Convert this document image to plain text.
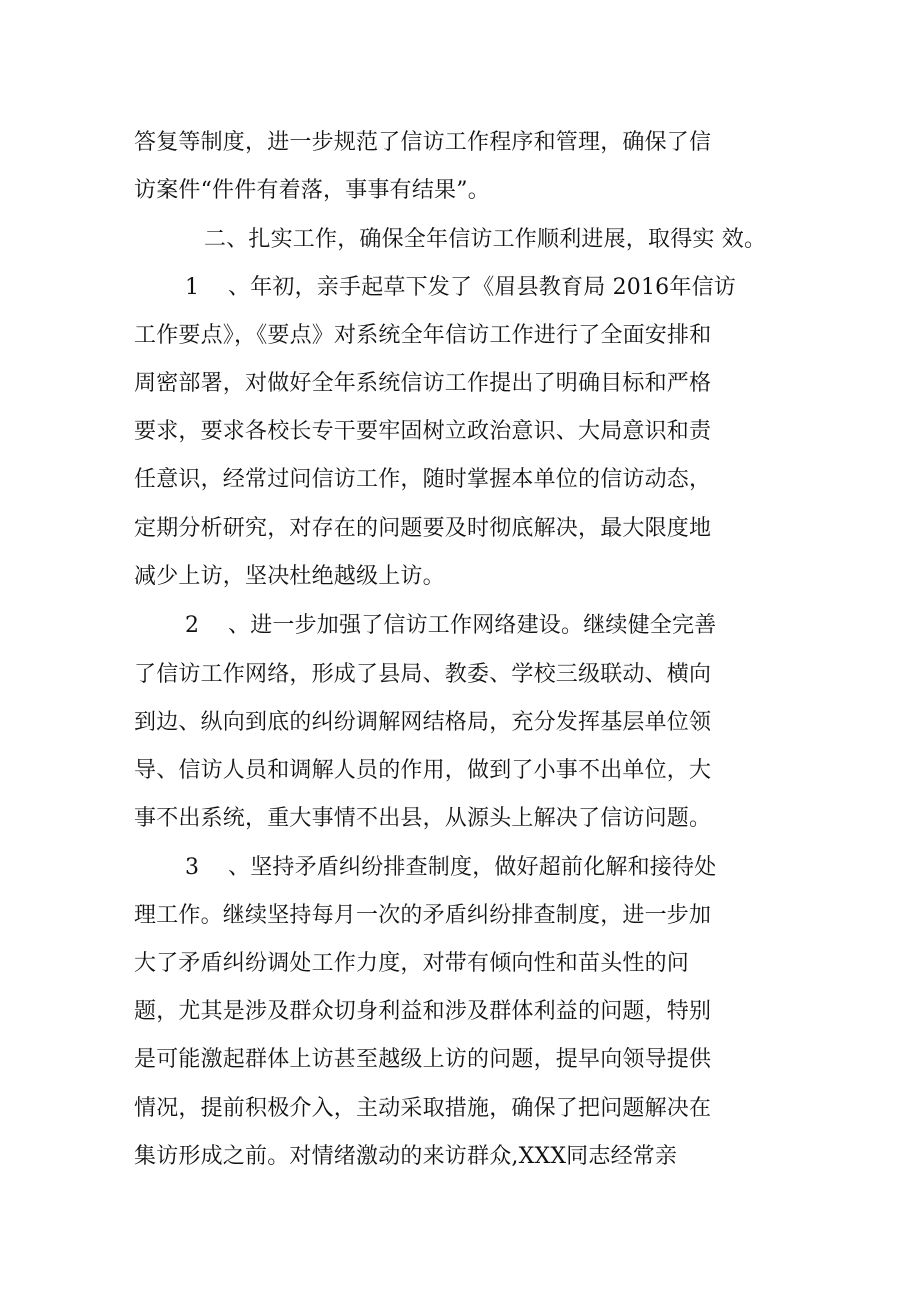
答复等制度，进一步规范了信访工作程序和管理，确保了信
访案件“件件有着落，事事有结果”。
二、扎实工作，确保全年信访工作顺利进展，取得实 效。
1 、年初，亲手起草下发了《眉县教育局 2016年信访
工作要点》，《要点》对系统全年信访工作进行了全面安排和
周密部署，对做好全年系统信访工作提出了明确目标和严格
要求，要求各校长专干要牢固树立政治意识、大局意识和责
任意识，经常过问信访工作，随时掌握本单位的信访动态，
定期分析研究，对存在的问题要及时彻底解决，最大限度地
减少上访，坚决杜绝越级上访。
2 、进一步加强了信访工作网络建设。继续健全完善
了信访工作网络，形成了县局、教委、学校三级联动、横向
到边、纵向到底的纠纷调解网结格局，充分发挥基层单位领
导、信访人员和调解人员的作用，做到了小事不出单位，大
事不出系统，重大事情不出县，从源头上解决了信访问题。
3 、坚持矛盾纠纷排查制度，做好超前化解和接待处
理工作。继续坚持每月一次的矛盾纠纷排查制度，进一步加
大了矛盾纠纷调处工作力度，对带有倾向性和苗头性的问
题，尤其是涉及群众切身利益和涉及群体利益的问题，特别
是可能激起群体上访甚至越级上访的问题，提早向领导提供
情况，提前积极介入，主动采取措施，确保了把问题解决在
集访形成之前。对情绪激动的来访群众,XXX同志经常亲
